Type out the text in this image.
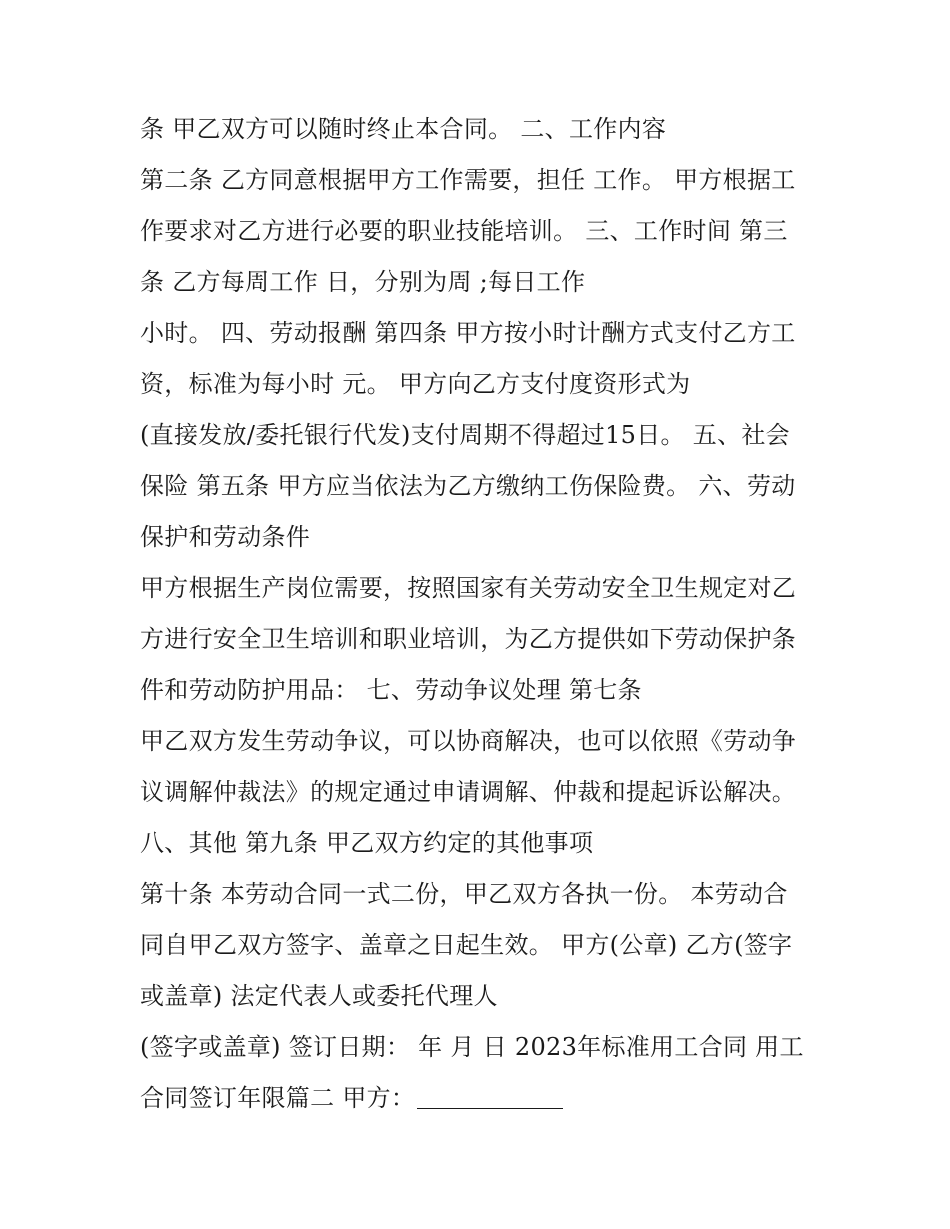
条 甲乙双方可以随时终止本合同。 二、工作内容
第二条 乙方同意根据甲方工作需要，担任 工作。 甲方根据工
作要求对乙方进行必要的职业技能培训。 三、工作时间 第三
条 乙方每周工作 日，分别为周 ;每日工作
小时。 四、劳动报酬 第四条 甲方按小时计酬方式支付乙方工
资，标准为每小时 元。 甲方向乙方支付度资形式为
(直接发放/委托银行代发)支付周期不得超过15日。 五、社会
保险 第五条 甲方应当依法为乙方缴纳工伤保险费。 六、劳动
保护和劳动条件
甲方根据生产岗位需要，按照国家有关劳动安全卫生规定对乙
方进行安全卫生培训和职业培训，为乙方提供如下劳动保护条
件和劳动防护用品： 七、劳动争议处理 第七条
甲乙双方发生劳动争议，可以协商解决，也可以依照《劳动争
议调解仲裁法》的规定通过申请调解、仲裁和提起诉讼解决。
八、其他 第九条 甲乙双方约定的其他事项
第十条 本劳动合同一式二份，甲乙双方各执一份。 本劳动合
同自甲乙双方签字、盖章之日起生效。 甲方(公章) 乙方(签字
或盖章) 法定代表人或委托代理人
(签字或盖章) 签订日期： 年 月 日 2023年标准用工合同 用工
合同签订年限篇二 甲方：
